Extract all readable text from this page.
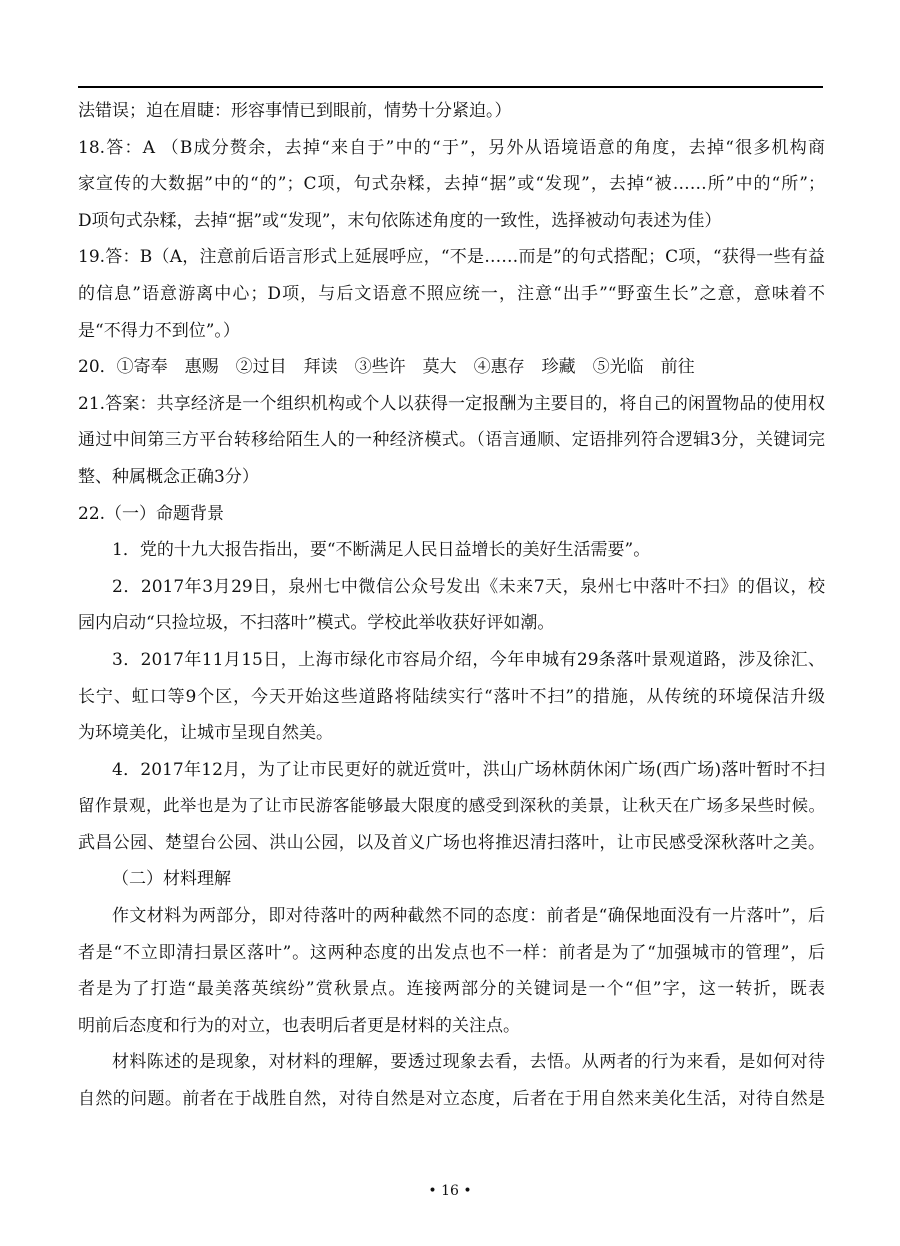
法错误；迫在眉睫：形容事情已到眼前，情势十分紧迫。）
18.答：A （B成分赘余，去掉“来自于”中的“于”，另外从语境语意的角度，去掉“很多机构商
家宣传的大数据”中的“的”；C项，句式杂糅，去掉“据”或“发现”，去掉“被……所”中的“所”；
D项句式杂糅，去掉“据”或“发现”，末句依陈述角度的一致性，选择被动句表述为佳）
19.答：B（A，注意前后语言形式上延展呼应，“不是……而是”的句式搭配；C项，“获得一些有益
的信息”语意游离中心；D项，与后文语意不照应统一，注意“出手”“野蛮生长”之意，意味着不
是“不得力不到位”。）
20．①寄奉　惠赐　②过目　拜读　③些许　莫大　④惠存　珍藏　⑤光临　前往
21.答案：共享经济是一个组织机构或个人以获得一定报酬为主要目的，将自己的闲置物品的使用权
通过中间第三方平台转移给陌生人的一种经济模式。（语言通顺、定语排列符合逻辑3分，关键词完
整、种属概念正确3分）
22.（一）命题背景
1．党的十九大报告指出，要“不断满足人民日益增长的美好生活需要”。
2．2017年3月29日，泉州七中微信公众号发出《未来7天，泉州七中落叶不扫》的倡议，校
园内启动“只捡垃圾，不扫落叶”模式。学校此举收获好评如潮。
3．2017年11月15日，上海市绿化市容局介绍，今年申城有29条落叶景观道路，涉及徐汇、
长宁、虹口等9个区，今天开始这些道路将陆续实行“落叶不扫”的措施，从传统的环境保洁升级
为环境美化，让城市呈现自然美。
4．2017年12月，为了让市民更好的就近赏叶，洪山广场林荫休闲广场(西广场)落叶暂时不扫
留作景观，此举也是为了让市民游客能够最大限度的感受到深秋的美景，让秋天在广场多呆些时候。
武昌公园、楚望台公园、洪山公园，以及首义广场也将推迟清扫落叶，让市民感受深秋落叶之美。
（二）材料理解
作文材料为两部分，即对待落叶的两种截然不同的态度：前者是“确保地面没有一片落叶”，后
者是“不立即清扫景区落叶”。这两种态度的出发点也不一样：前者是为了“加强城市的管理”，后
者是为了打造“最美落英缤纷”赏秋景点。连接两部分的关键词是一个“但”字，这一转折，既表
明前后态度和行为的对立，也表明后者更是材料的关注点。
材料陈述的是现象，对材料的理解，要透过现象去看，去悟。从两者的行为来看，是如何对待
自然的问题。前者在于战胜自然，对待自然是对立态度，后者在于用自然来美化生活，对待自然是
• 16 •
